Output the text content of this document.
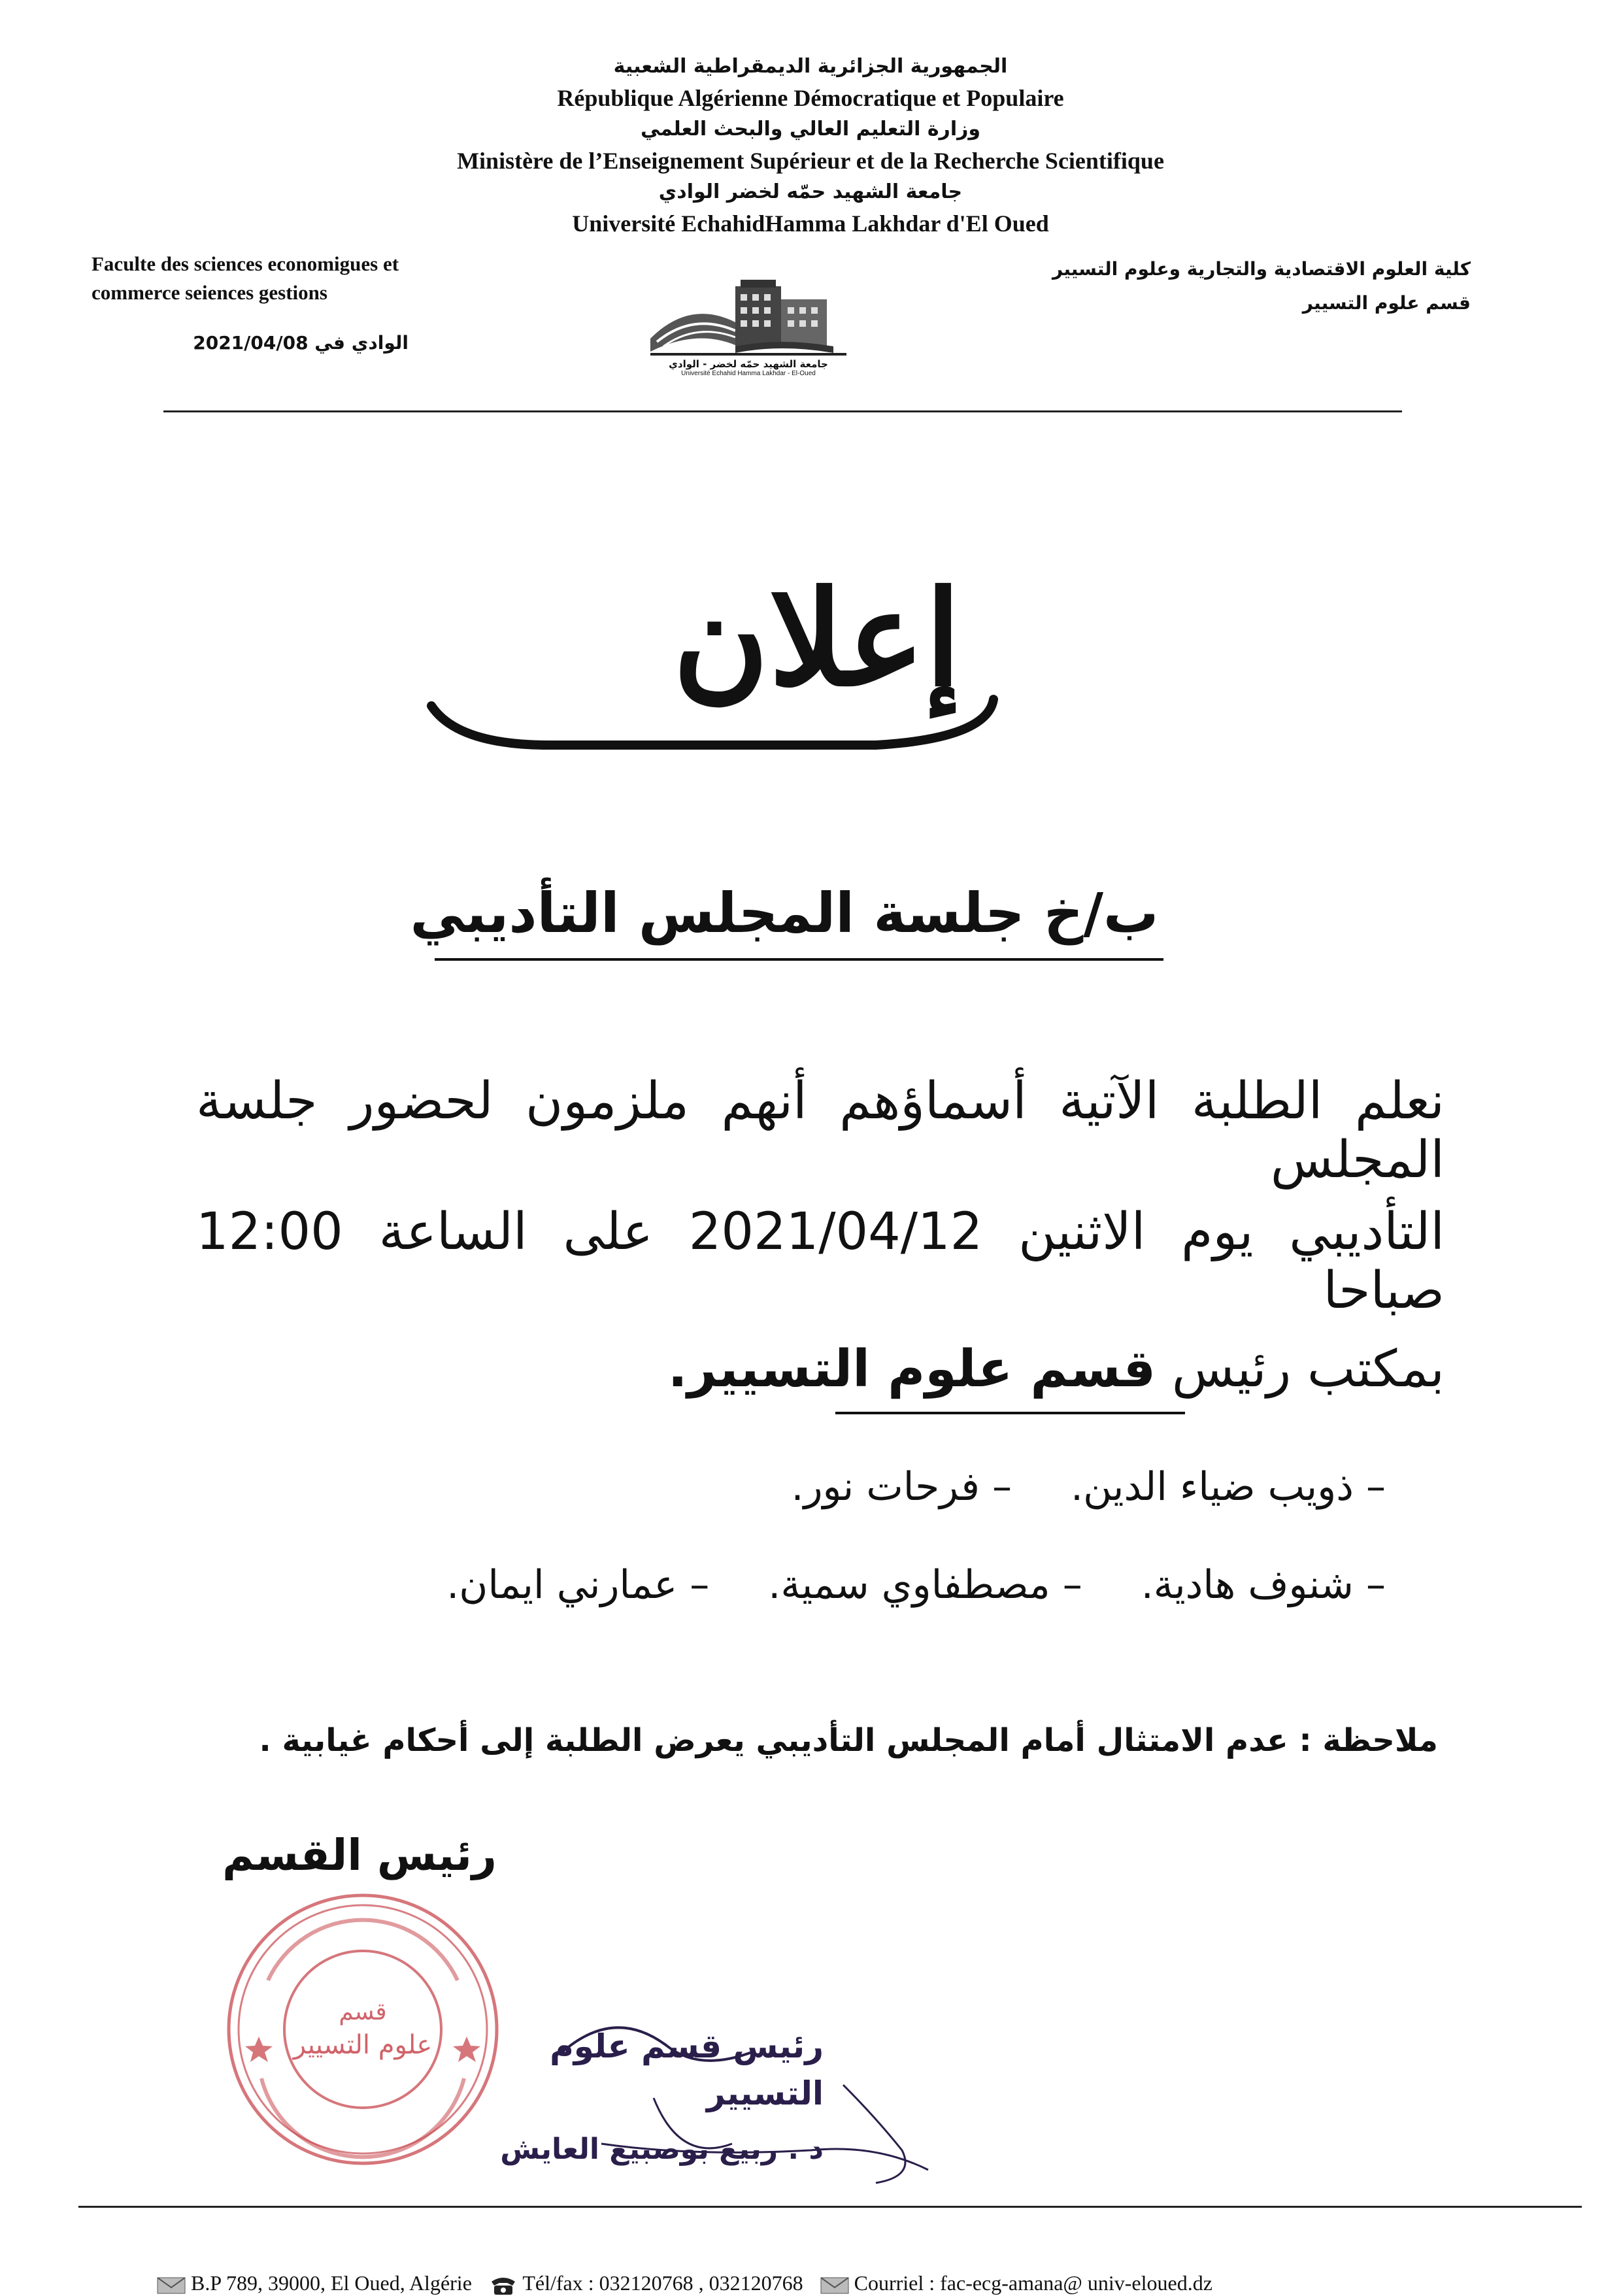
الجمهورية الجزائرية الديمقراطية الشعبية
République Algérienne Démocratique et Populaire
وزارة التعليم العالي والبحث العلمي
Ministère de l’Enseignement Supérieur et de la Recherche Scientifique
جامعة الشهيد حمّه لخضر الوادي
Université EchahidHamma Lakhdar d'El Oued
Faculte des sciences economigues et
commerce seiences gestions
الوادي في 2021/04/08
كلية العلوم الاقتصادية والتجارية وعلوم التسيير
قسم علوم التسيير
جامعة الشهيد حمّه لخضر - الوادي
Université Echahid Hamma Lakhdar - El-Oued
إعلان
ب/خ جلسة المجلس التأديبي
نعلم الطلبة الآتية أسماؤهم أنهم ملزمون لحضور جلسة المجلس
التأديبي يوم الاثنين 2021/04/12 على الساعة 12:00 صباحا
بمكتب رئيس قسم علوم التسيير.
– ذويب ضياء الدين.– فرحات نور.
– شنوف هادية.– مصطفاوي سمية.– عمارني ايمان.
ملاحظة : عدم الامتثال أمام المجلس التأديبي يعرض الطلبة إلى أحكام غيابية .
رئيس القسم
قسم
علوم التسيير	رئيس قسم علوم التسيير
د . ربيع بوصبيع العايش
B.P 789, 39000, El Oued, Algérie Tél/fax : 032120768 , 032120768 Courriel : fac-ecg-amana@ univ-eloued.dz
